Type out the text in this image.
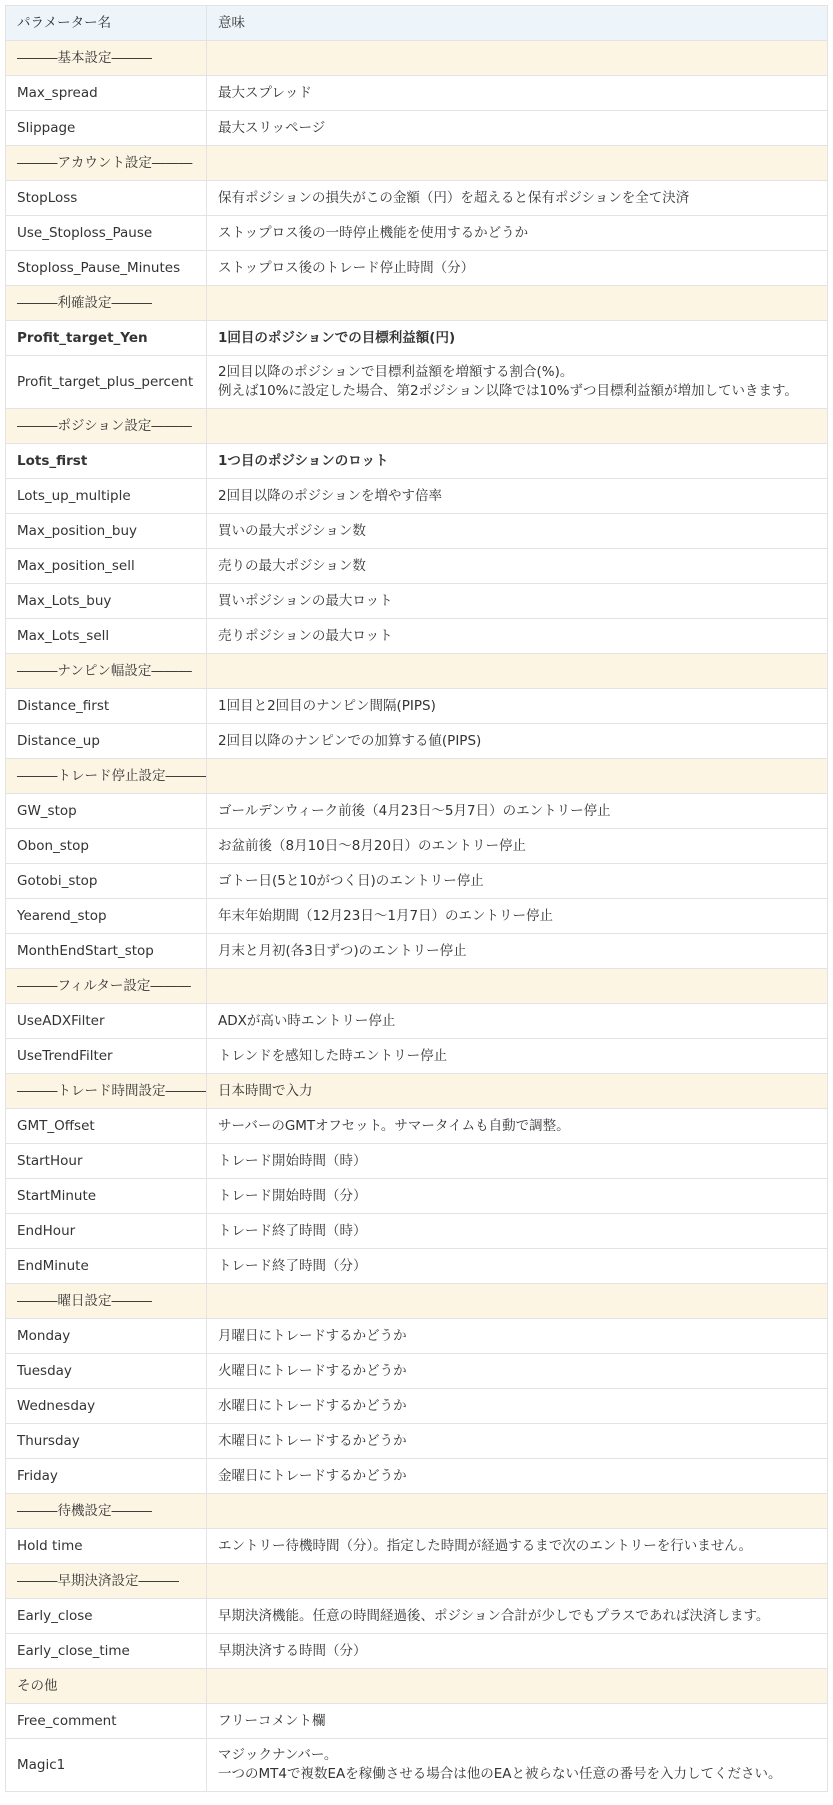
パラメーター名	意味
―――基本設定―――	
Max_spread	最大スプレッド
Slippage	最大スリッページ
―――アカウント設定―――	
StopLoss	保有ポジションの損失がこの金額（円）を超えると保有ポジションを全て決済
Use_Stoploss_Pause	ストップロス後の一時停止機能を使用するかどうか
Stoploss_Pause_Minutes	ストップロス後のトレード停止時間（分）
―――利確設定―――	
Profit_target_Yen	1回目のポジションでの目標利益額(円)
Profit_target_plus_percent	2回目以降のポジションで目標利益額を増額する割合(%)。
例えば10%に設定した場合、第2ポジション以降では10%ずつ目標利益額が増加していきます。

―――ポジション設定―――	
Lots_first	1つ目のポジションのロット
Lots_up_multiple	2回目以降のポジションを増やす倍率
Max_position_buy	買いの最大ポジション数
Max_position_sell	売りの最大ポジション数
Max_Lots_buy	買いポジションの最大ロット
Max_Lots_sell	売りポジションの最大ロット
―――ナンピン幅設定―――	
Distance_first	1回目と2回目のナンピン間隔(PIPS)
Distance_up	2回目以降のナンピンでの加算する値(PIPS)
―――トレード停止設定―――	
GW_stop	ゴールデンウィーク前後（4月23日～5月7日）のエントリー停止
Obon_stop	お盆前後（8月10日～8月20日）のエントリー停止
Gotobi_stop	ゴトー日(5と10がつく日)のエントリー停止
Yearend_stop	年末年始期間（12月23日～1月7日）のエントリー停止
MonthEndStart_stop	月末と月初(各3日ずつ)のエントリー停止
―――フィルター設定―――	
UseADXFilter	ADXが高い時エントリー停止
UseTrendFilter	トレンドを感知した時エントリー停止
―――トレード時間設定―――	日本時間で入力
GMT_Offset	サーバーのGMTオフセット。サマータイムも自動で調整。
StartHour	トレード開始時間（時）
StartMinute	トレード開始時間（分）
EndHour	トレード終了時間（時）
EndMinute	トレード終了時間（分）
―――曜日設定―――	
Monday	月曜日にトレードするかどうか
Tuesday	火曜日にトレードするかどうか
Wednesday	水曜日にトレードするかどうか
Thursday	木曜日にトレードするかどうか
Friday	金曜日にトレードするかどうか
―――待機設定―――	
Hold time	エントリー待機時間（分）。指定した時間が経過するまで次のエントリーを行いません。
―――早期決済設定―――	
Early_close	早期決済機能。任意の時間経過後、ポジション合計が少しでもプラスであれば決済します。
Early_close_time	早期決済する時間（分）
その他	
Free_comment	フリーコメント欄
Magic1	マジックナンバー。
一つのMT4で複数EAを稼働させる場合は他のEAと被らない任意の番号を入力してください。
